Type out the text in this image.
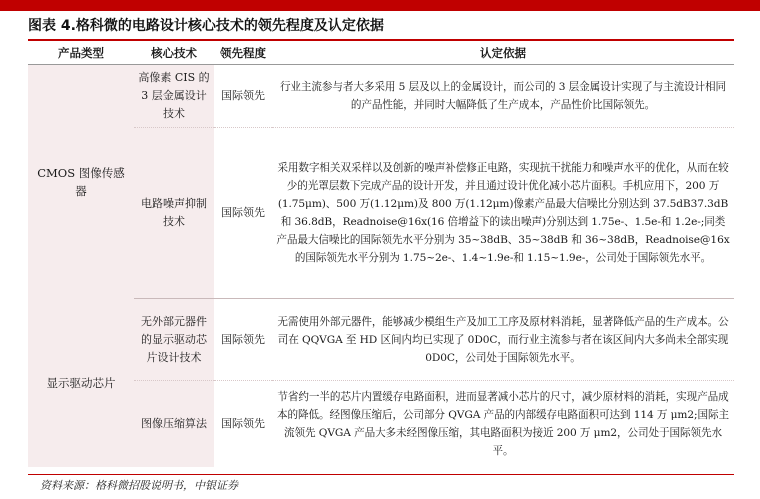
图表 4.格科微的电路设计核心技术的领先程度及认定依据
产品类型	核心技术	领先程度	认定依据
CMOS 图像传感器	高像素 CIS 的 3 层金属设计技术	国际领先	行业主流参与者大多采用 5 层及以上的金属设计，而公司的 3 层金属设计实现了与主流设计相同的产品性能，并同时大幅降低了生产成本，产品性价比国际领先。
	电路噪声抑制技术	国际领先	采用数字相关双采样以及创新的噪声补偿修正电路，实现抗干扰能力和噪声水平的优化，从而在较少的光罩层数下完成产品的设计开发，并且通过设计优化减小芯片面积。手机应用下，200 万(1.75μm)、500 万(1.12μm)及 800 万(1.12μm)像素产品最大信噪比分别达到 37.5dB37.3dB 和 36.8dB，Readnoise@16x(16 倍增益下的读出噪声)分别达到 1.75e-、1.5e-和 1.2e-;同类产品最大信噪比的国际领先水平分别为 35~38dB、35~38dB 和 36~38dB，Readnoise@16x 的国际领先水平分别为 1.75~2e-、1.4~1.9e-和 1.15~1.9e-，公司处于国际领先水平。
显示驱动芯片	无外部元器件的显示驱动芯片设计技术	国际领先	无需使用外部元器件，能够减少模组生产及加工工序及原材料消耗，显著降低产品的生产成本。公司在 QQVGA 至 HD 区间内均已实现了 0D0C，而行业主流参与者在该区间内大多尚未全部实现 0D0C，公司处于国际领先水平。
	图像压缩算法	国际领先	节省约一半的芯片内置缓存电路面积，进而显著减小芯片的尺寸，减少原材料的消耗，实现产品成本的降低。经图像压缩后，公司部分 QVGA 产品的内部缓存电路面积可达到 114 万 μm2;国际主流领先 QVGA 产品大多未经图像压缩，其电路面积为接近 200 万 μm2，公司处于国际领先水平。
资料来源：格科微招股说明书，中银证券
